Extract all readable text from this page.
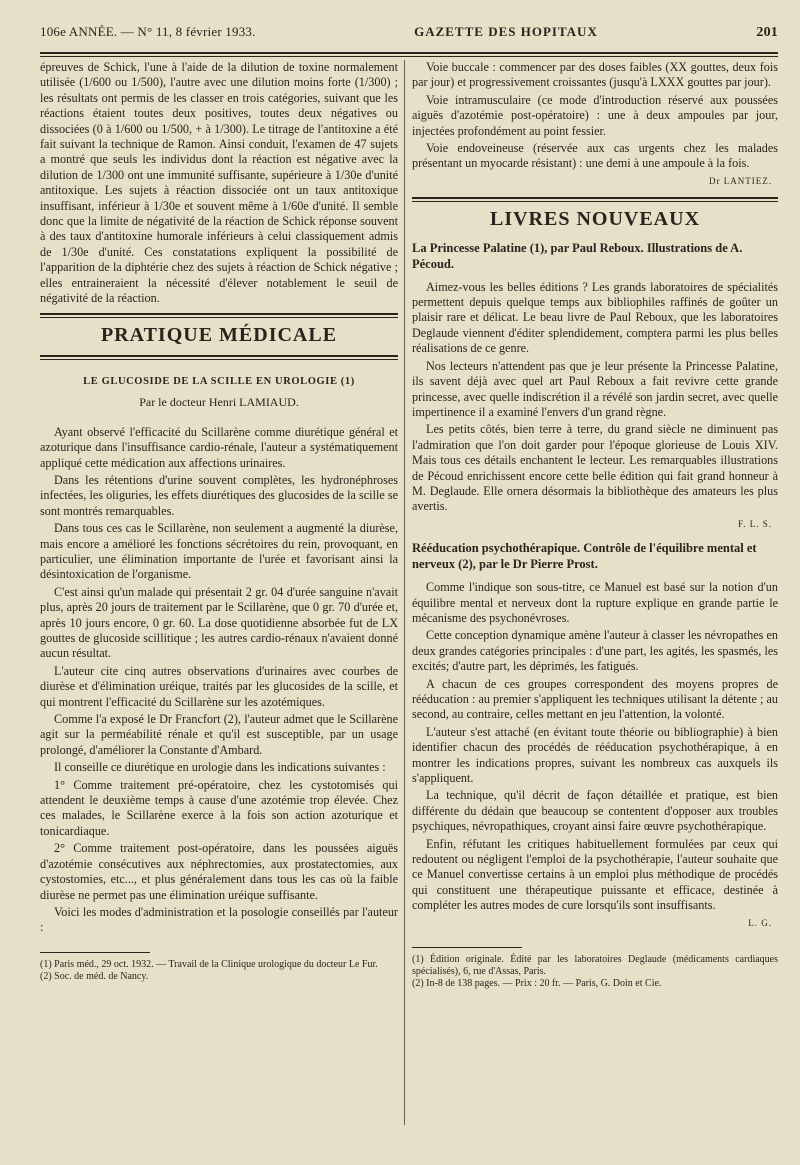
106e ANNÉE. — N° 11, 8 février 1933.	GAZETTE DES HOPITAUX	201

épreuves de Schick, l'une à l'aide de la dilution de toxine normalement utilisée (1/600 ou 1/500), l'autre avec une dilution moins forte (1/300) ; les résultats ont permis de les classer en trois catégories, suivant que les réactions étaient toutes deux positives, toutes deux négatives ou dissociées (0 à 1/600 ou 1/500, + à 1/300). Le titrage de l'antitoxine a été fait suivant la technique de Ramon. Ainsi conduit, l'examen de 47 sujets a montré que seuls les individus dont la réaction est négative avec la dilution de 1/300 ont une immunité suffisante, supérieure à 1/30e d'unité antitoxique. Les sujets à réaction dissociée ont un taux antitoxique insuffisant, inférieur à 1/30e et souvent même à 1/60e d'unité. Il semble donc que la limite de négativité de la réaction de Schick réponse souvent à des taux d'antitoxine humorale inférieurs à celui classiquement admis de 1/30e d'unité. Ces constatations expliquent la possibilité de l'apparition de la diphtérie chez des sujets à réaction de Schick négative ; elles entraineraient la nécessité d'élever notablement le seuil de négativité de la réaction.

PRATIQUE MÉDICALE
LE GLUCOSIDE DE LA SCILLE EN UROLOGIE (1)
Par le docteur Henri LAMIAUD.

Ayant observé l'efficacité du Scillarène comme diurétique général et azoturique dans l'insuffisance cardio-rénale, l'auteur a systématiquement appliqué cette médication aux affections urinaires.

Dans les rétentions d'urine souvent complètes, les hydronéphroses infectées, les oliguries, les effets diurétiques des glucosides de la scille se sont montrés remarquables.

Dans tous ces cas le Scillarène, non seulement a augmenté la diurèse, mais encore a amélioré les fonctions sécrétoires du rein, provoquant, en particulier, une élimination importante de l'urée et favorisant ainsi la désintoxication de l'organisme.

C'est ainsi qu'un malade qui présentait 2 gr. 04 d'urée sanguine n'avait plus, après 20 jours de traitement par le Scillarène, que 0 gr. 70 d'urée et, après 10 jours encore, 0 gr. 60. La dose quotidienne absorbée fut de LX gouttes de glucoside scillitique ; les autres cardio-rénaux n'avaient donné aucun résultat.

L'auteur cite cinq autres observations d'urinaires avec courbes de diurèse et d'élimination uréique, traités par les glucosides de la scille, et qui montrent l'efficacité du Scillarène sur les azotémiques.

Comme l'a exposé le Dr Francfort (2), l'auteur admet que le Scillarène agit sur la perméabilité rénale et qu'il est susceptible, par un usage prolongé, d'améliorer la Constante d'Ambard.

Il conseille ce diurétique en urologie dans les indications suivantes :

1° Comme traitement pré-opératoire, chez les cystotomisés qui attendent le deuxième temps à cause d'une azotémie trop élevée. Chez ces malades, le Scillarène exerce à la fois son action azoturique et tonicardiaque.

2° Comme traitement post-opératoire, dans les poussées aiguës d'azotémie consécutives aux néphrectomies, aux prostatectomies, aux cystostomies, etc..., et plus généralement dans tous les cas où la faible diurèse ne permet pas une élimination uréique suffisante.

Voici les modes d'administration et la posologie conseillés par l'auteur :

(1) Paris méd., 29 oct. 1932. — Travail de la Clinique urologique du docteur Le Fur.

(2) Soc. de méd. de Nancy.

Voie buccale : commencer par des doses faibles (XX gouttes, deux fois par jour) et progressivement croissantes (jusqu'à LXXX gouttes par jour).

Voie intramusculaire (ce mode d'introduction réservé aux poussées aiguës d'azotémie post-opératoire) : une à deux ampoules par jour, injectées profondément au point fessier.

Voie endoveineuse (réservée aux cas urgents chez les malades présentant un myocarde résistant) : une demi à une ampoule à la fois.

Dr LANTIEZ.
LIVRES NOUVEAUX
La Princesse Palatine (1), par Paul Reboux. Illustrations de A. Pécoud.

Aimez-vous les belles éditions ? Les grands laboratoires de spécialités permettent depuis quelque temps aux bibliophiles raffinés de goûter un plaisir rare et délicat. Le beau livre de Paul Reboux, que les laboratoires Deglaude viennent d'éditer splendidement, comptera parmi les plus belles réalisations de ce genre.

Nos lecteurs n'attendent pas que je leur présente la Princesse Palatine, ils savent déjà avec quel art Paul Reboux a fait revivre cette grande princesse, avec quelle indiscrétion il a révélé son jardin secret, avec quelle impertinence il a examiné l'envers d'un grand règne.

Les petits côtés, bien terre à terre, du grand siècle ne diminuent pas l'admiration que l'on doit garder pour l'époque glorieuse de Louis XIV. Mais tous ces détails enchantent le lecteur. Les remarquables illustrations de Pécoud enrichissent encore cette belle édition qui fait grand honneur à M. Deglaude. Elle ornera désormais la bibliothèque des amateurs les plus avertis.

F. L. S.
Rééducation psychothérapique. Contrôle de l'équilibre mental et nerveux (2), par le Dr Pierre Prost.

Comme l'indique son sous-titre, ce Manuel est basé sur la notion d'un équilibre mental et nerveux dont la rupture explique en grande partie le mécanisme des psychonévroses.

Cette conception dynamique amène l'auteur à classer les névropathes en deux grandes catégories principales : d'une part, les agités, les spasmés, les excités; d'autre part, les déprimés, les fatigués.

A chacun de ces groupes correspondent des moyens propres de rééducation : au premier s'appliquent les techniques utilisant la détente ; au second, au contraire, celles mettant en jeu l'attention, la volonté.

L'auteur s'est attaché (en évitant toute théorie ou bibliographie) à bien identifier chacun des procédés de rééducation psychothérapique, à en montrer les indications propres, suivant les nombreux cas auxquels ils s'appliquent.

La technique, qu'il décrit de façon détaillée et pratique, est bien différente du dédain que beaucoup se contentent d'opposer aux troubles psychiques, névropathiques, croyant ainsi faire œuvre psychothérapique.

Enfin, réfutant les critiques habituellement formulées par ceux qui redoutent ou négligent l'emploi de la psychothérapie, l'auteur souhaite que ce Manuel convertisse certains à un emploi plus méthodique de procédés qui constituent une thérapeutique puissante et efficace, destinée à compléter les autres modes de cure lorsqu'ils sont insuffisants.

L. G.

(1) Édition originale. Édité par les laboratoires Deglaude (médicaments cardiaques spécialisés), 6, rue d'Assas, Paris.

(2) In-8 de 138 pages. — Prix : 20 fr. — Paris, G. Doin et Cie.
